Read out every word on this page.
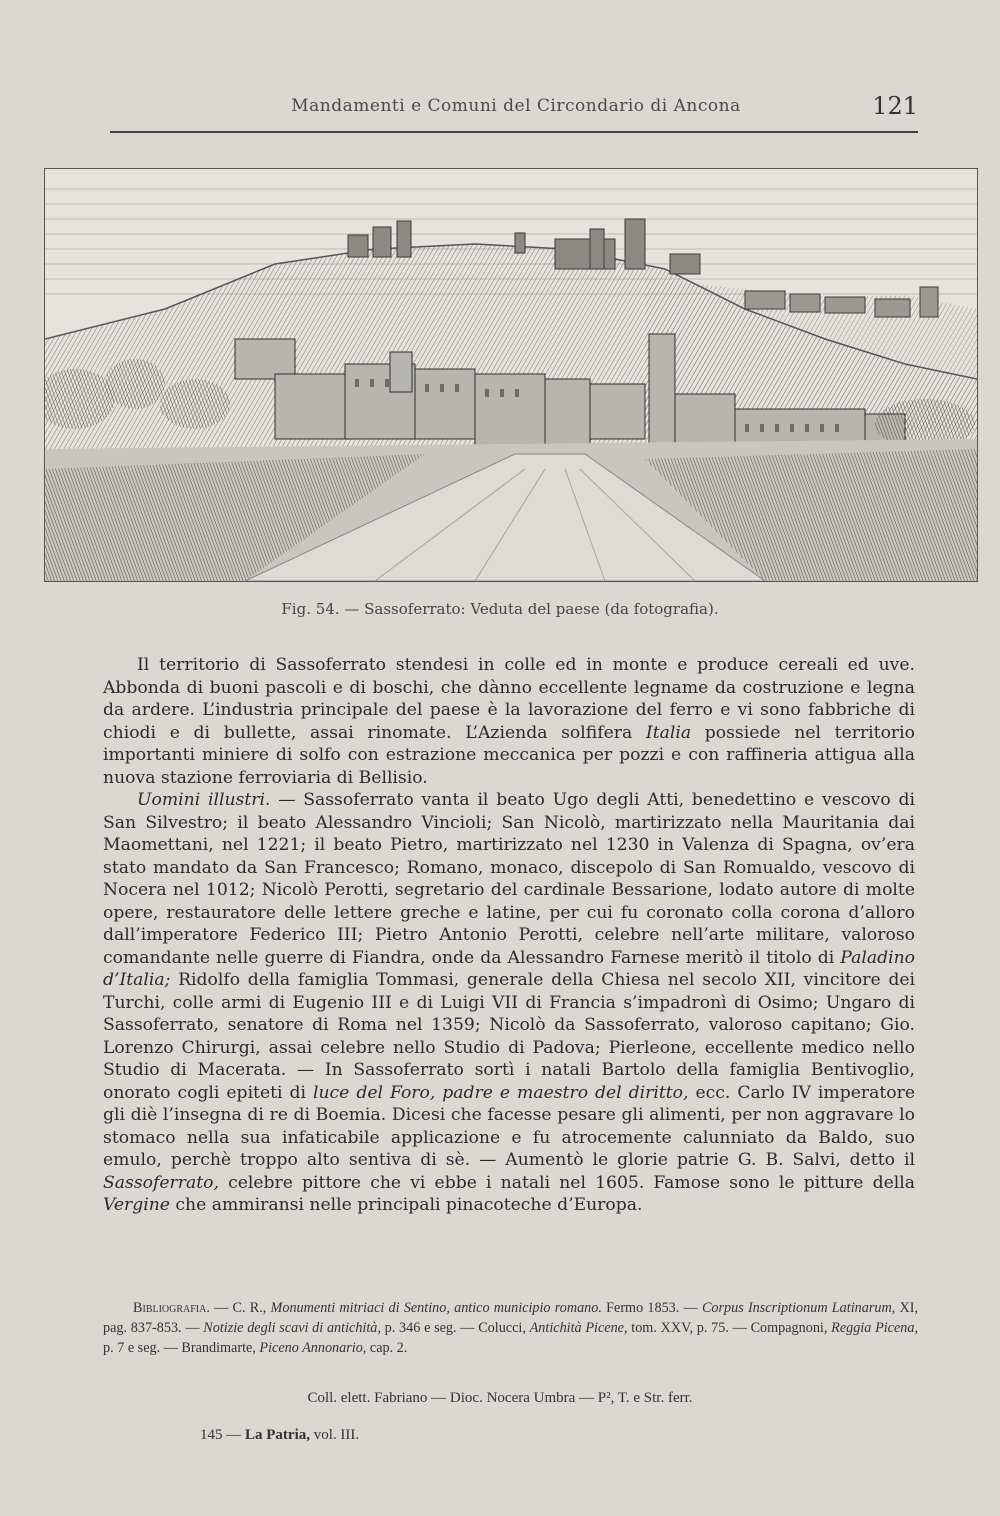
Mandamenti e Comuni del Circondario di Ancona	121
Fig. 54. — Sassoferrato: Veduta del paese (da fotografia).

Il territorio di Sassoferrato stendesi in colle ed in monte e produce cereali ed uve. Abbonda di buoni pascoli e di boschi, che dànno eccellente legname da costruzione e legna da ardere. L’industria principale del paese è la lavorazione del ferro e vi sono fabbriche di chiodi e di bullette, assai rinomate. L’Azienda solfifera Italia possiede nel territorio importanti miniere di solfo con estrazione meccanica per pozzi e con raffineria attigua alla nuova stazione ferroviaria di Bellisio.

Uomini illustri. — Sassoferrato vanta il beato Ugo degli Atti, benedettino e vescovo di San Silvestro; il beato Alessandro Vincioli; San Nicolò, martirizzato nella Mauritania dai Maomettani, nel 1221; il beato Pietro, martirizzato nel 1230 in Valenza di Spagna, ov’era stato mandato da San Francesco; Romano, monaco, discepolo di San Romualdo, vescovo di Nocera nel 1012; Nicolò Perotti, segretario del cardinale Bessarione, lodato autore di molte opere, restauratore delle lettere greche e latine, per cui fu coronato colla corona d’alloro dall’imperatore Federico III; Pietro Antonio Perotti, celebre nell’arte militare, valoroso comandante nelle guerre di Fiandra, onde da Alessandro Farnese meritò il titolo di Paladino d’Italia; Ridolfo della famiglia Tommasi, generale della Chiesa nel secolo XII, vincitore dei Turchi, colle armi di Eugenio III e di Luigi VII di Francia s’impadronì di Osimo; Ungaro di Sassoferrato, senatore di Roma nel 1359; Nicolò da Sassoferrato, valoroso capitano; Gio. Lorenzo Chirurgi, assai celebre nello Studio di Padova; Pierleone, eccellente medico nello Studio di Macerata. — In Sassoferrato sortì i natali Bartolo della famiglia Bentivoglio, onorato cogli epiteti di luce del Foro, padre e maestro del diritto, ecc. Carlo IV imperatore gli diè l’insegna di re di Boemia. Dicesi che facesse pesare gli alimenti, per non aggravare lo stomaco nella sua infaticabile applicazione e fu atrocemente calunniato da Baldo, suo emulo, perchè troppo alto sentiva di sè. — Aumentò le glorie patrie G. B. Salvi, detto il Sassoferrato, celebre pittore che vi ebbe i natali nel 1605. Famose sono le pitture della Vergine che ammiransi nelle principali pinacoteche d’Europa.

Bibliografia. — C. R., Monumenti mitriaci di Sentino, antico municipio romano. Fermo 1853. — Corpus Inscriptionum Latinarum, XI, pag. 837-853. — Notizie degli scavi di antichità, p. 346 e seg. — Colucci, Antichità Picene, tom. XXV, p. 75. — Compagnoni, Reggia Picena, p. 7 e seg. — Brandimarte, Piceno Annonario, cap. 2.

Coll. elett. Fabriano — Dioc. Nocera Umbra — P², T. e Str. ferr.
145 — La Patria, vol. III.
